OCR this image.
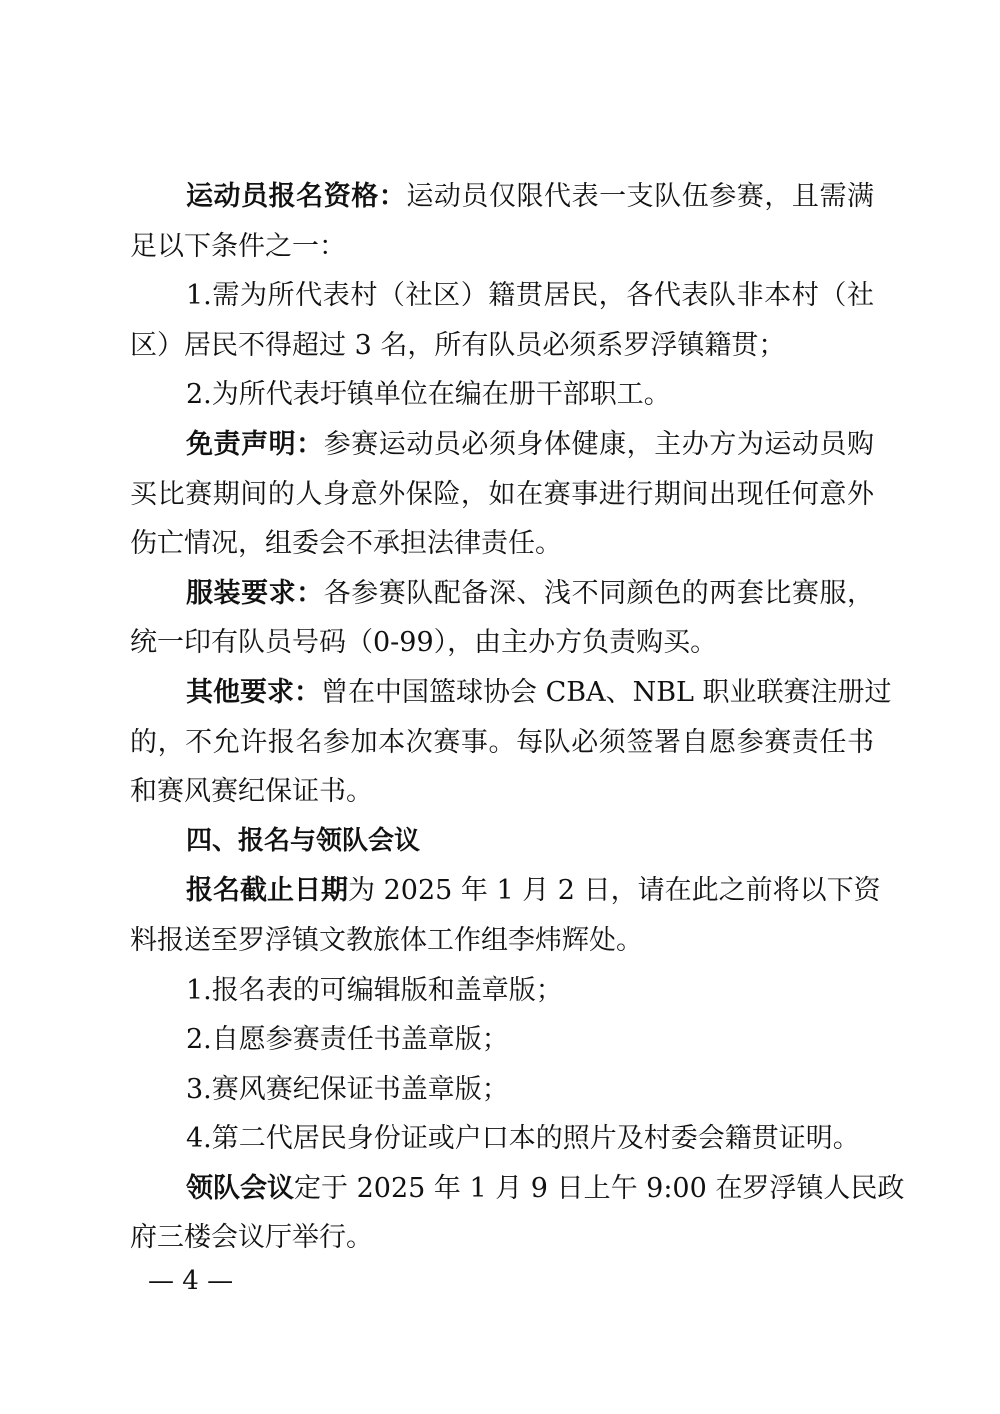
运动员报名资格：运动员仅限代表一支队伍参赛，且需满
足以下条件之一：
1.需为所代表村（社区）籍贯居民，各代表队非本村（社
区）居民不得超过 3 名，所有队员必须系罗浮镇籍贯；
2.为所代表圩镇单位在编在册干部职工。
免责声明：参赛运动员必须身体健康，主办方为运动员购
买比赛期间的人身意外保险，如在赛事进行期间出现任何意外
伤亡情况，组委会不承担法律责任。
服装要求：各参赛队配备深、浅不同颜色的两套比赛服，
统一印有队员号码（0-99），由主办方负责购买。
其他要求：曾在中国篮球协会 CBA、NBL 职业联赛注册过
的，不允许报名参加本次赛事。每队必须签署自愿参赛责任书
和赛风赛纪保证书。
四、报名与领队会议
报名截止日期为 2025 年 1 月 2 日，请在此之前将以下资
料报送至罗浮镇文教旅体工作组李炜辉处。
1.报名表的可编辑版和盖章版；
2.自愿参赛责任书盖章版；
3.赛风赛纪保证书盖章版；
4.第二代居民身份证或户口本的照片及村委会籍贯证明。
领队会议定于 2025 年 1 月 9 日上午 9:00 在罗浮镇人民政
府三楼会议厅举行。
— 4 —
